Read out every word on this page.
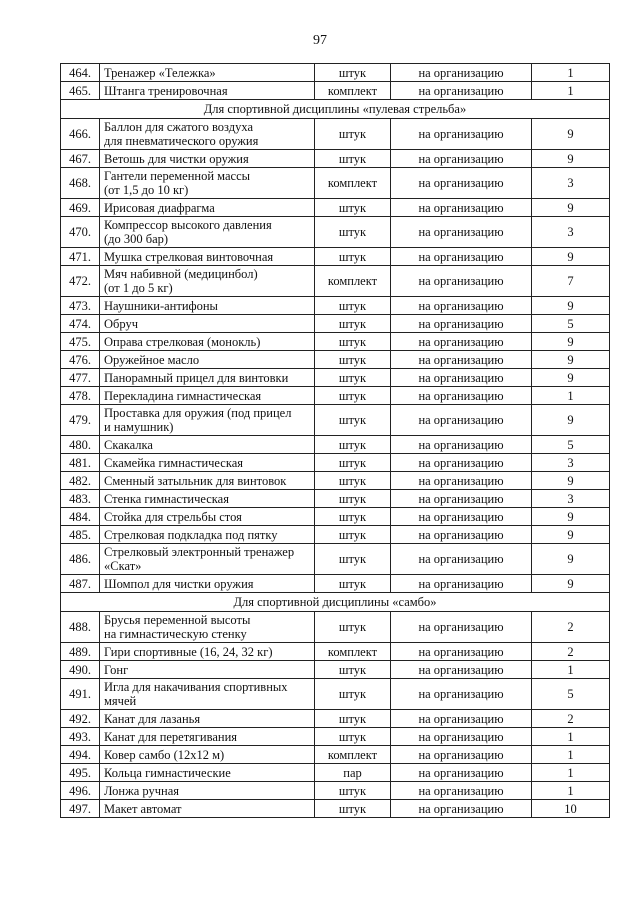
97
464.	Тренажер «Тележка»	штук	на организацию	1
465.	Штанга тренировочная	комплект	на организацию	1
Для спортивной дисциплины «пулевая стрельба»				
466.	Баллон для сжатого воздуха
для пневматического оружия	штук	на организацию	9
467.	Ветошь для чистки оружия	штук	на организацию	9
468.	Гантели переменной массы
(от 1,5 до 10 кг)	комплект	на организацию	3
469.	Ирисовая диафрагма	штук	на организацию	9
470.	Компрессор высокого давления
(до 300 бар)	штук	на организацию	3
471.	Мушка стрелковая винтовочная	штук	на организацию	9
472.	Мяч набивной (медицинбол)
(от 1 до 5 кг)	комплект	на организацию	7
473.	Наушники-антифоны	штук	на организацию	9
474.	Обруч	штук	на организацию	5
475.	Оправа стрелковая (монокль)	штук	на организацию	9
476.	Оружейное масло	штук	на организацию	9
477.	Панорамный прицел для винтовки	штук	на организацию	9
478.	Перекладина гимнастическая	штук	на организацию	1
479.	Проставка для оружия (под прицел
и намушник)	штук	на организацию	9
480.	Скакалка	штук	на организацию	5
481.	Скамейка гимнастическая	штук	на организацию	3
482.	Сменный затыльник для винтовок	штук	на организацию	9
483.	Стенка гимнастическая	штук	на организацию	3
484.	Стойка для стрельбы стоя	штук	на организацию	9
485.	Стрелковая подкладка под пятку	штук	на организацию	9
486.	Стрелковый электронный тренажер
«Скат»	штук	на организацию	9
487.	Шомпол для чистки оружия	штук	на организацию	9
Для спортивной дисциплины «самбо»				
488.	Брусья переменной высоты
на гимнастическую стенку	штук	на организацию	2
489.	Гири спортивные (16, 24, 32 кг)	комплект	на организацию	2
490.	Гонг	штук	на организацию	1
491.	Игла для накачивания спортивных
мячей	штук	на организацию	5
492.	Канат для лазанья	штук	на организацию	2
493.	Канат для перетягивания	штук	на организацию	1
494.	Ковер самбо (12х12 м)	комплект	на организацию	1
495.	Кольца гимнастические	пар	на организацию	1
496.	Лонжа ручная	штук	на организацию	1
497.	Макет автомат	штук	на организацию	10
